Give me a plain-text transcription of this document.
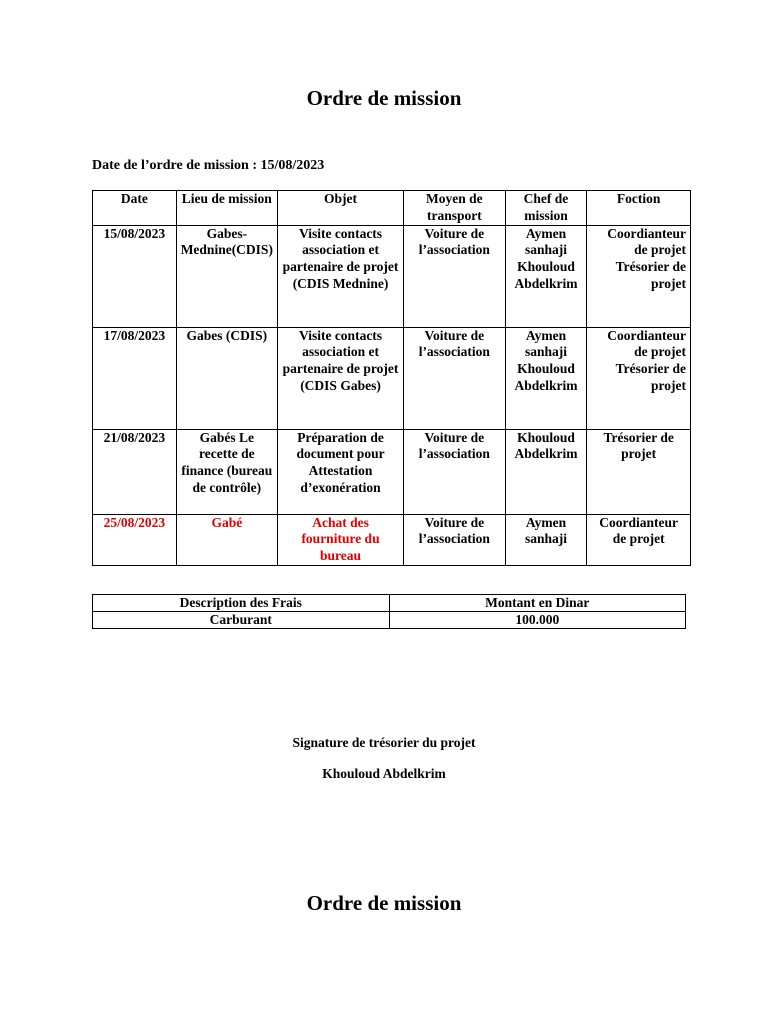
Ordre de mission
Date de l’ordre de mission : 15/08/2023
Date	Lieu de mission	Objet	Moyen de transport	Chef de mission	Foction
15/08/2023	Gabes-Mednine(CDIS)	Visite contacts association et partenaire de projet (CDIS Mednine)	Voiture de l’association	Aymen sanhaji Khouloud Abdelkrim	Coordianteur de projet Trésorier de projet
17/08/2023	Gabes (CDIS)	Visite contacts association et partenaire de projet (CDIS Gabes)	Voiture de l’association	Aymen sanhaji Khouloud Abdelkrim	Coordianteur de projet Trésorier de projet
21/08/2023	Gabés Le recette de finance (bureau de contrôle)	Préparation de document pour Attestation d’exonération	Voiture de l’association	Khouloud Abdelkrim	Trésorier de projet
25/08/2023	Gabé	Achat des fourniture du bureau	Voiture de l’association	Aymen sanhaji	Coordianteur de projet
Description des Frais	Montant en Dinar
Carburant	100.000
Signature de trésorier du projet
Khouloud Abdelkrim
Ordre de mission
